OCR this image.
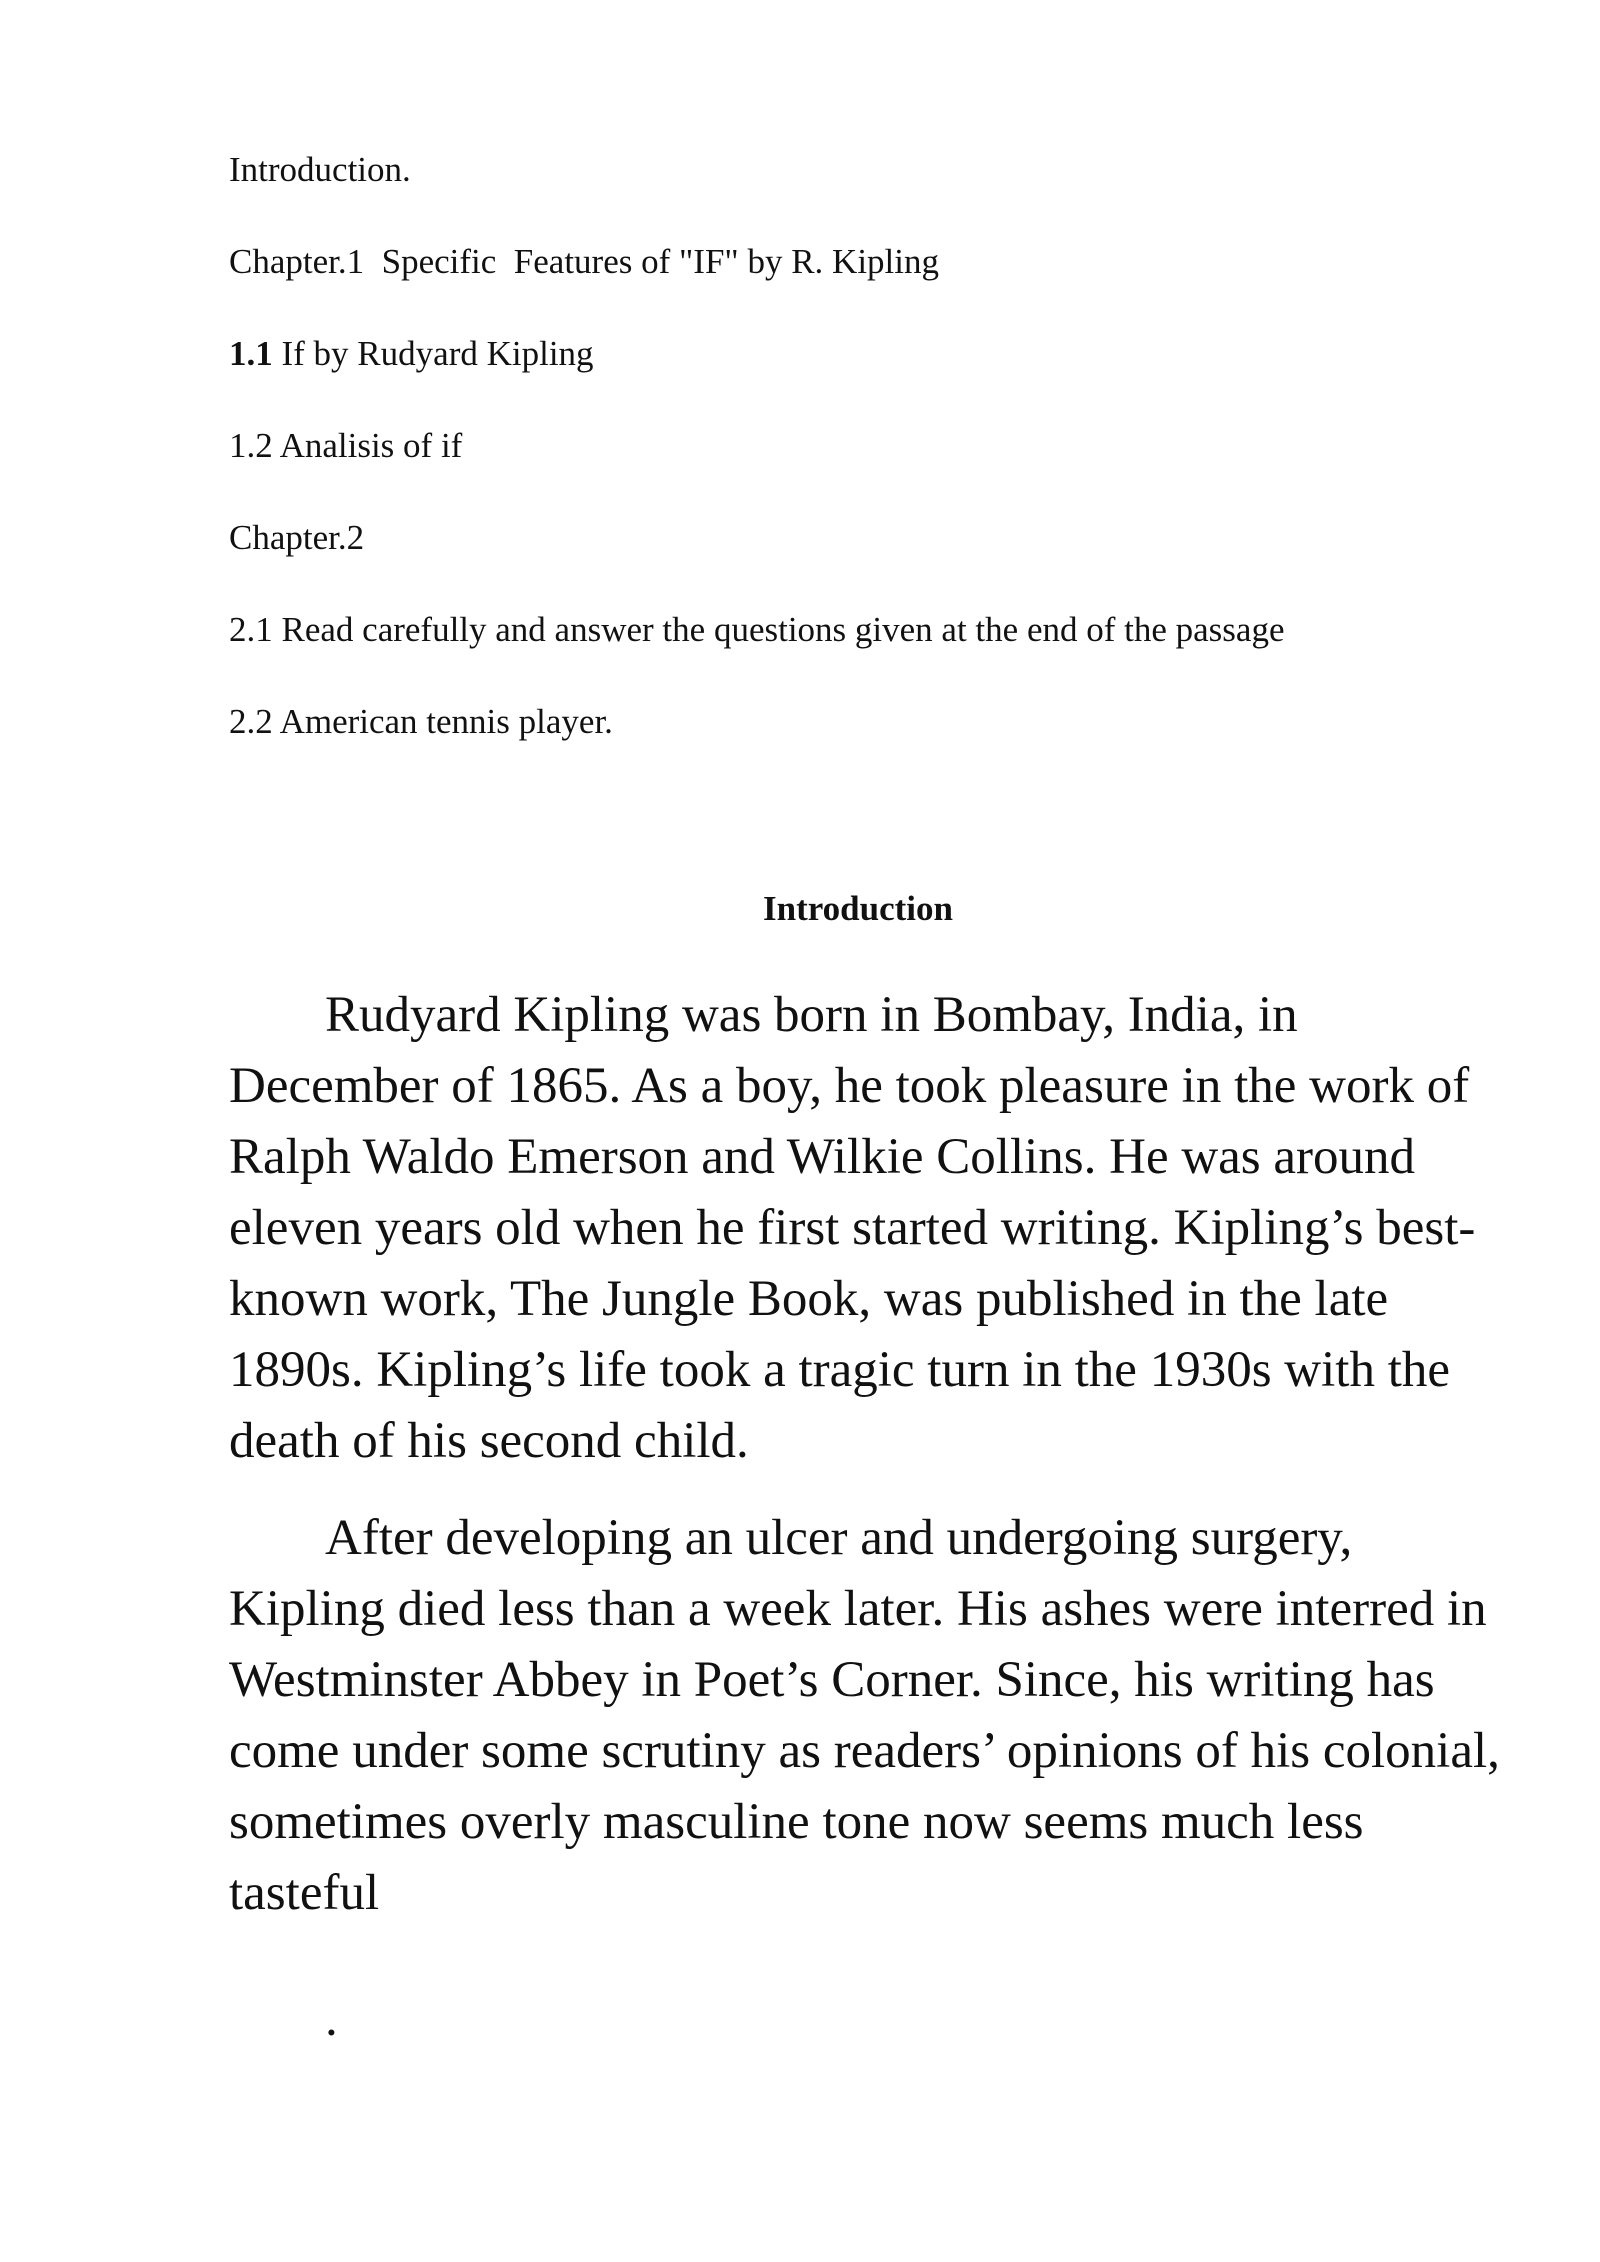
Introduction.
Chapter.1  Specific  Features of "IF" by R. Kipling
1.1 If by Rudyard Kipling
1.2 Analisis of if
Chapter.2
2.1 Read carefully and answer the questions given at the end of the passage
2.2 American tennis player.
Introduction

Rudyard Kipling was born in Bombay, India, in December of 1865. As a boy, he took pleasure in the work of Ralph Waldo Emerson and Wilkie Collins. He was around eleven years old when he first started writing. Kipling’s best-known work, The Jungle Book, was published in the late 1890s. Kipling’s life took a tragic turn in the 1930s with the death of his second child.

After developing an ulcer and undergoing surgery, Kipling died less than a week later. His ashes were interred in Westminster Abbey in Poet’s Corner. Since, his writing has come under some scrutiny as readers’ opinions of his colonial, sometimes overly masculine tone now seems much less tasteful

.
